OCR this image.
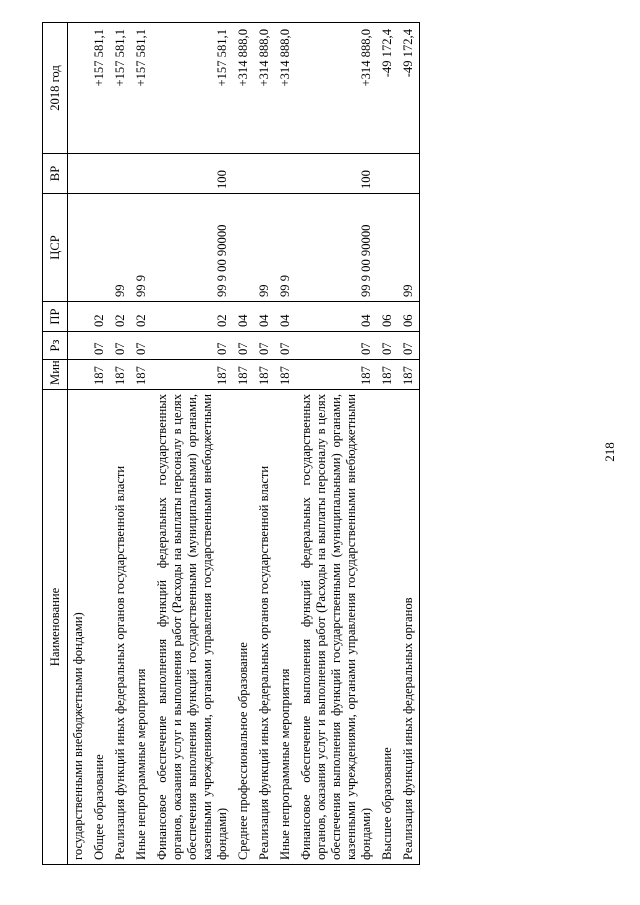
218
Наименование	Мин	Рз	ПР	ЦСР	ВР	2018 год
государственными внебюджетными фондами)						
Общее образование	187	07	02			+157 581,1
Реализация функций иных федеральных органов государственной власти	187	07	02	99		+157 581,1
Иные непрограммные мероприятия	187	07	02	99 9		+157 581,1
Финансовое обеспечение выполнения функций федеральных государственных органов, оказания услуг и выполнения работ (Расходы на выплаты персоналу в целях обеспечения выполнения функций государственными (муниципальными) органами, казенными учреждениями, органами управления государственными внебюджетными фондами)	187	07	02	99 9 00 90000	100	+157 581,1
Среднее профессиональное образование	187	07	04			+314 888,0
Реализация функций иных федеральных органов государственной власти	187	07	04	99		+314 888,0
Иные непрограммные мероприятия	187	07	04	99 9		+314 888,0
Финансовое обеспечение выполнения функций федеральных государственных органов, оказания услуг и выполнения работ (Расходы на выплаты персоналу в целях обеспечения выполнения функций государственными (муниципальными) органами, казенными учреждениями, органами управления государственными внебюджетными фондами)	187	07	04	99 9 00 90000	100	+314 888,0
Высшее образование	187	07	06			-49 172,4
Реализация функций иных федеральных органов	187	07	06	99		-49 172,4
